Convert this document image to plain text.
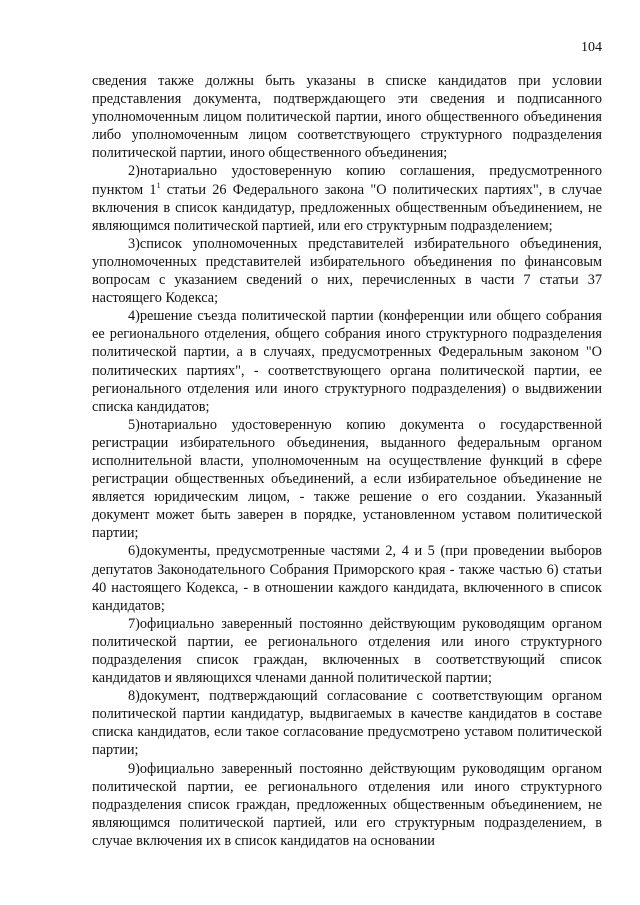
104

сведения также должны быть указаны в списке кандидатов при условии представления документа, подтверждающего эти сведения и подписанного уполномоченным лицом политической партии, иного общественного объединения либо уполномоченным лицом соответствующего структурного подразделения политической партии, иного общественного объединения;

2)нотариально удостоверенную копию соглашения, предусмотренного пунктом $1^1$ статьи 26 Федерального закона "О политических партиях", в случае включения в список кандидатур, предложенных общественным объединением, не являющимся политической партией, или его структурным подразделением;

3)список уполномоченных представителей избирательного объединения, уполномоченных представителей избирательного объединения по финансовым вопросам с указанием сведений о них, перечисленных в части 7 статьи 37 настоящего Кодекса;

4)решение съезда политической партии (конференции или общего собрания ее регионального отделения, общего собрания иного структурного подразделения политической партии, а в случаях, предусмотренных Федеральным законом "О политических партиях", - соответствующего органа политической партии, ее регионального отделения или иного структурного подразделения) о выдвижении списка кандидатов;

5)нотариально удостоверенную копию документа о государственной регистрации избирательного объединения, выданного федеральным органом исполнительной власти, уполномоченным на осуществление функций в сфере регистрации общественных объединений, а если избирательное объединение не является юридическим лицом, - также решение о его создании. Указанный документ может быть заверен в порядке, установленном уставом политической партии;

6)документы, предусмотренные частями 2, 4 и 5 (при проведении выборов депутатов Законодательного Собрания Приморского края - также частью 6) статьи 40 настоящего Кодекса, - в отношении каждого кандидата, включенного в список кандидатов;

7)официально заверенный постоянно действующим руководящим органом политической партии, ее регионального отделения или иного структурного подразделения список граждан, включенных в соответствующий список кандидатов и являющихся членами данной политической партии;

8)документ, подтверждающий согласование с соответствующим органом политической партии кандидатур, выдвигаемых в качестве кандидатов в составе списка кандидатов, если такое согласование предусмотрено уставом политической партии;

9)официально заверенный постоянно действующим руководящим органом политической партии, ее регионального отделения или иного структурного подразделения список граждан, предложенных общественным объединением, не являющимся политической партией, или его структурным подразделением, в случае включения их в список кандидатов на основании
